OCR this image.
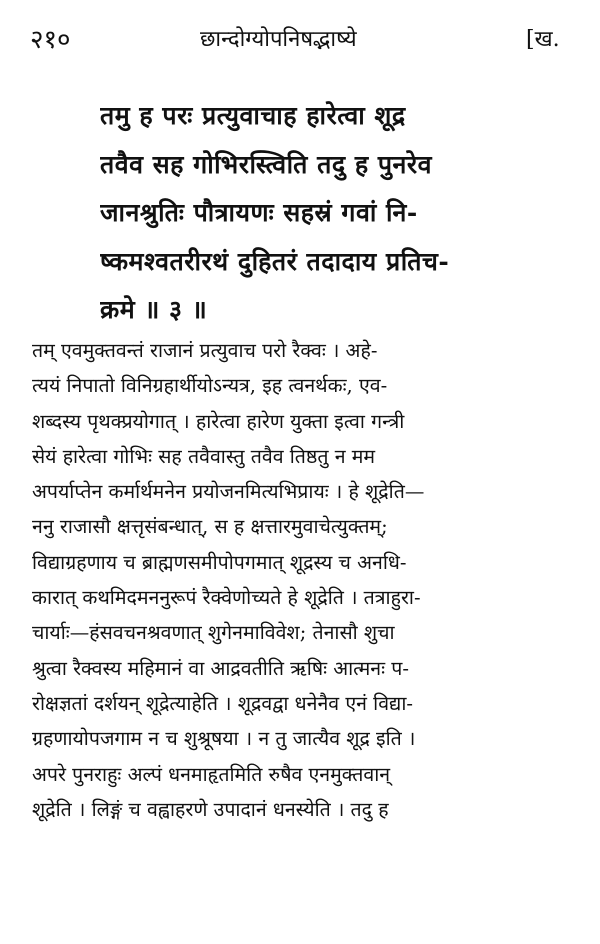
२१०	छान्दोग्योपनिषद्भाष्ये	[ख.
तमु ह परः प्रत्युवाचाह हारेत्वा शूद्र
तवैव सह गोभिरस्त्विति तदु ह पुनरेव
जानश्रुतिः पौत्रायणः सहस्रं गवां नि-
ष्कमश्वतरीरथं दुहितरं तदादाय प्रतिच-
क्रमे ॥ ३ ॥
तम् एवमुक्तवन्तं राजानं प्रत्युवाच परो रैक्वः । अहे-
त्ययं निपातो विनिग्रहार्थीयोऽन्यत्र, इह त्वनर्थकः, एव-
शब्दस्य पृथक्प्रयोगात् । हारेत्वा हारेण युक्ता इत्वा गन्त्री
सेयं हारेत्वा गोभिः सह तवैवास्तु तवैव तिष्ठतु न मम
अपर्याप्तेन कर्मार्थमनेन प्रयोजनमित्यभिप्रायः । हे शूद्रेति—
ननु राजासौ क्षत्तृसंबन्धात्, स ह क्षत्तारमुवाचेत्युक्तम्;
विद्याग्रहणाय च ब्राह्मणसमीपोपगमात् शूद्रस्य च अनधि-
कारात् कथमिदमननुरूपं रैक्वेणोच्यते हे शूद्रेति । तत्राहुरा-
चार्याः—हंसवचनश्रवणात् शुगेनमाविवेश; तेनासौ शुचा
श्रुत्वा रैक्वस्य महिमानं वा आद्रवतीति ऋषिः आत्मनः प-
रोक्षज्ञतां दर्शयन् शूद्रेत्याहेति । शूद्रवद्वा धनेनैव एनं विद्या-
ग्रहणायोपजगाम न च शुश्रूषया । न तु जात्यैव शूद्र इति ।
अपरे पुनराहुः अल्पं धनमाहृतमिति रुषैव एनमुक्तवान्
शूद्रेति । लिङ्गं च वह्वाहरणे उपादानं धनस्येति । तदु ह
